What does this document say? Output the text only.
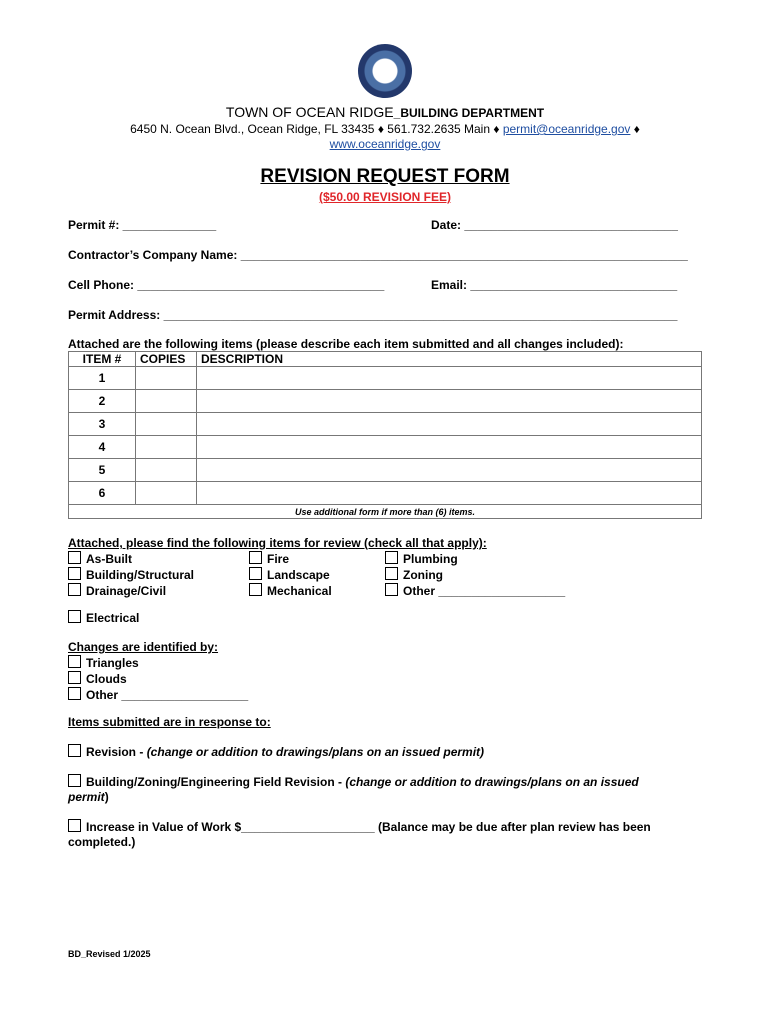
TOWN OF OCEAN RIDGE_BUILDING DEPARTMENT
6450 N. Ocean Blvd., Ocean Ridge, FL 33435 ♦ 561.732.2635 Main ♦ permit@oceanridge.gov ♦
www.oceanridge.gov
REVISION REQUEST FORM
($50.00 REVISION FEE)
Permit #: ______________	Date: ________________________________
Contractor’s Company Name: ___________________________________________________________________
Cell Phone: _____________________________________	Email: _______________________________
Permit Address: _____________________________________________________________________________
Attached are the following items (please describe each item submitted and all changes included):
ITEM #	COPIES	DESCRIPTION
1		
2		
3		
4		
5		
6		
Use additional form if more than (6) items.		
Attached, please find the following items for review (check all that apply):
As-Built
Building/Structural
Drainage/Civil
Fire
Landscape
Mechanical
Plumbing
Zoning
Other ___________________
Electrical
Changes are identified by:
Triangles
Clouds
Other ___________________
Items submitted are in response to:
Revision - (change or addition to drawings/plans on an issued permit)
Building/Zoning/Engineering Field Revision - (change or addition to drawings/plans on an issued
permit)
Increase in Value of Work $____________________ (Balance may be due after plan review has been
completed.)
BD_Revised 1/2025
